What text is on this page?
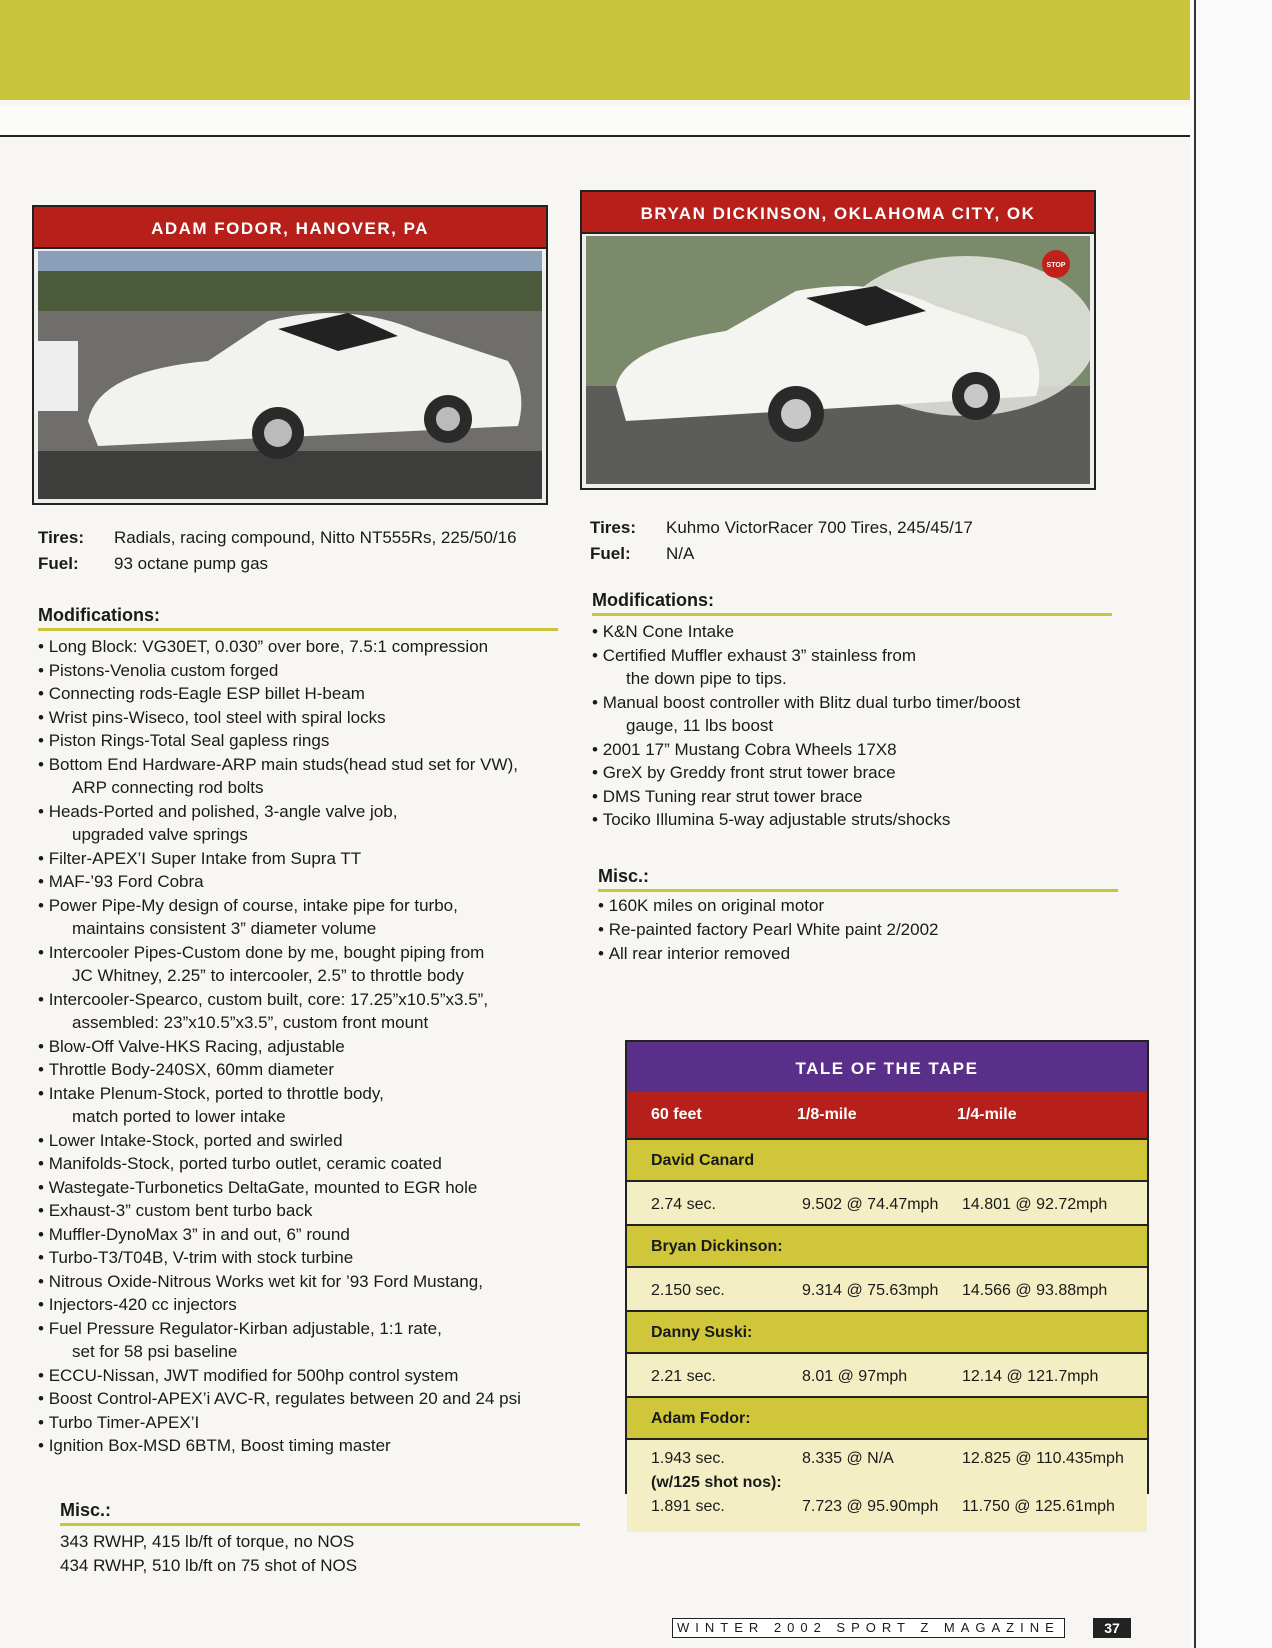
ADAM FODOR, HANOVER, PA
BRYAN DICKINSON, OKLAHOMA CITY, OK
STOP
Tires: Radials, racing compound, Nitto NT555Rs, 225/50/16
Fuel: 93 octane pump gas
Modifications:
• Long Block: VG30ET, 0.030” over bore, 7.5:1 compression
• Pistons-Venolia custom forged
• Connecting rods-Eagle ESP billet H-beam
• Wrist pins-Wiseco, tool steel with spiral locks
• Piston Rings-Total Seal gapless rings
• Bottom End Hardware-ARP main studs(head stud set for VW),
ARP connecting rod bolts
• Heads-Ported and polished, 3-angle valve job,
upgraded valve springs
• Filter-APEX’I Super Intake from Supra TT
• MAF-’93 Ford Cobra
• Power Pipe-My design of course, intake pipe for turbo,
maintains consistent 3” diameter volume
• Intercooler Pipes-Custom done by me, bought piping from
JC Whitney, 2.25” to intercooler, 2.5” to throttle body
• Intercooler-Spearco, custom built, core: 17.25”x10.5”x3.5”,
assembled: 23”x10.5”x3.5”, custom front mount
• Blow-Off Valve-HKS Racing, adjustable
• Throttle Body-240SX, 60mm diameter
• Intake Plenum-Stock, ported to throttle body,
match ported to lower intake
• Lower Intake-Stock, ported and swirled
• Manifolds-Stock, ported turbo outlet, ceramic coated
• Wastegate-Turbonetics DeltaGate, mounted to EGR hole
• Exhaust-3” custom bent turbo back
• Muffler-DynoMax 3” in and out, 6” round
• Turbo-T3/T04B, V-trim with stock turbine
• Nitrous Oxide-Nitrous Works wet kit for ’93 Ford Mustang,
• Injectors-420 cc injectors
• Fuel Pressure Regulator-Kirban adjustable, 1:1 rate,
set for 58 psi baseline
• ECCU-Nissan, JWT modified for 500hp control system
• Boost Control-APEX’i AVC-R, regulates between 20 and 24 psi
• Turbo Timer-APEX’I
• Ignition Box-MSD 6BTM, Boost timing master
Misc.:
343 RWHP, 415 lb/ft of torque, no NOS
434 RWHP, 510 lb/ft on 75 shot of NOS
Tires: Kuhmo VictorRacer 700 Tires, 245/45/17
Fuel: N/A
Modifications:
• K&N Cone Intake
• Certified Muffler exhaust 3” stainless from
the down pipe to tips.
• Manual boost controller with Blitz dual turbo timer/boost
gauge, 11 lbs boost
• 2001 17” Mustang Cobra Wheels 17X8
• GreX by Greddy front strut tower brace
• DMS Tuning rear strut tower brace
• Tociko Illumina 5-way adjustable struts/shocks
Misc.:
• 160K miles on original motor
• Re-painted factory Pearl White paint 2/2002
• All rear interior removed
TALE OF THE TAPE
60 feet	1/8-mile	1/4-mile
David Canard
2.74 sec.	9.502 @ 74.47mph 14.801 @ 92.72mph
Bryan Dickinson:
2.150 sec.	9.314 @ 75.63mph 14.566 @ 93.88mph
Danny Suski:
2.21 sec.	8.01 @ 97mph	12.14 @ 121.7mph
Adam Fodor:
1.943 sec.	8.335 @ N/A	12.825 @ 110.435mph
(w/125 shot nos):
1.891 sec.	7.723 @ 95.90mph 11.750 @ 125.61mph
WINTER 2002 SPORT Z MAGAZINE	37
